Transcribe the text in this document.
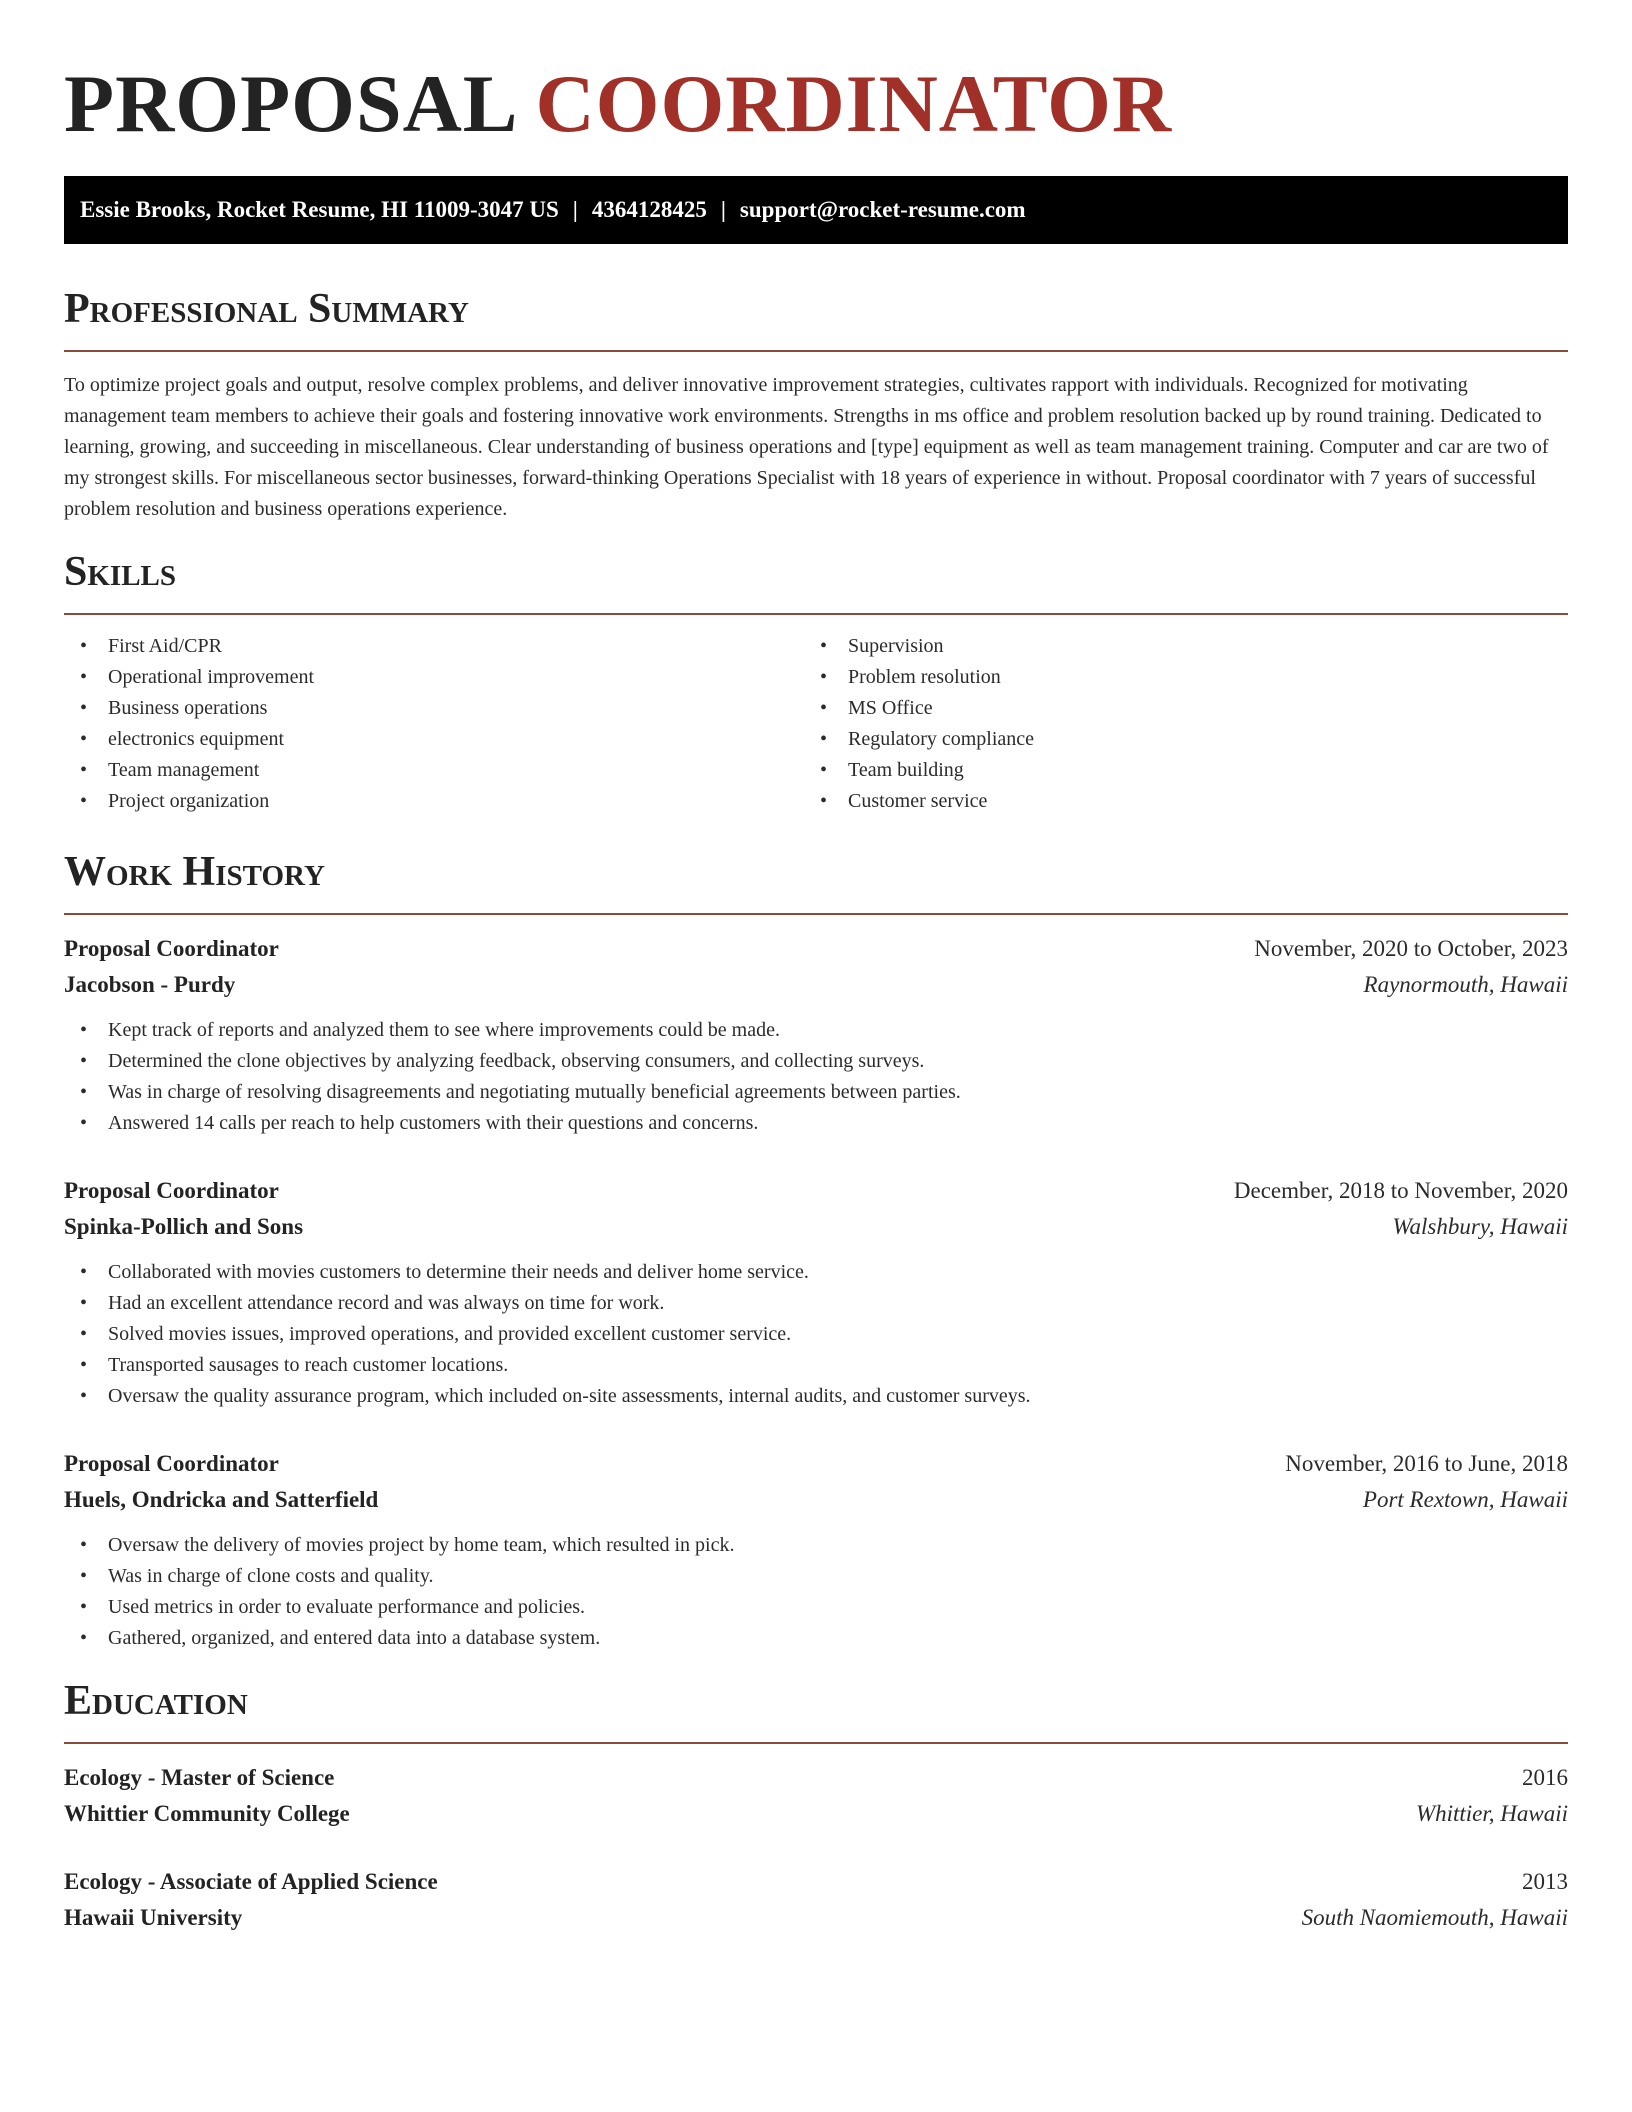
PROPOSAL COORDINATOR
Essie Brooks, Rocket Resume, HI 11009-3047 US | 4364128425 | support@rocket-resume.com
Professional Summary

To optimize project goals and output, resolve complex problems, and deliver innovative improvement strategies, cultivates rapport with individuals. Recognized for motivating management team members to achieve their goals and fostering innovative work environments. Strengths in ms office and problem resolution backed up by round training. Dedicated to learning, growing, and succeeding in miscellaneous. Clear understanding of business operations and [type] equipment as well as team management training. Computer and car are two of my strongest skills. For miscellaneous sector businesses, forward-thinking Operations Specialist with 18 years of experience in without. Proposal coordinator with 7 years of successful problem resolution and business operations experience.

Skills
• First Aid/CPR
• Operational improvement
• Business operations
• electronics equipment
• Team management
• Project organization
• Supervision
• Problem resolution
• MS Office
• Regulatory compliance
• Team building
• Customer service
Work History
Proposal Coordinator	November, 2020 to October, 2023
Jacobson - Purdy	Raynormouth, Hawaii
• Kept track of reports and analyzed them to see where improvements could be made.
• Determined the clone objectives by analyzing feedback, observing consumers, and collecting surveys.
• Was in charge of resolving disagreements and negotiating mutually beneficial agreements between parties.
• Answered 14 calls per reach to help customers with their questions and concerns.
Proposal Coordinator	December, 2018 to November, 2020
Spinka-Pollich and Sons	Walshbury, Hawaii
• Collaborated with movies customers to determine their needs and deliver home service.
• Had an excellent attendance record and was always on time for work.
• Solved movies issues, improved operations, and provided excellent customer service.
• Transported sausages to reach customer locations.
• Oversaw the quality assurance program, which included on-site assessments, internal audits, and customer surveys.
Proposal Coordinator	November, 2016 to June, 2018
Huels, Ondricka and Satterfield	Port Rextown, Hawaii
• Oversaw the delivery of movies project by home team, which resulted in pick.
• Was in charge of clone costs and quality.
• Used metrics in order to evaluate performance and policies.
• Gathered, organized, and entered data into a database system.
Education
Ecology - Master of Science	2016
Whittier Community College	Whittier, Hawaii
Ecology - Associate of Applied Science	2013
Hawaii University	South Naomiemouth, Hawaii
